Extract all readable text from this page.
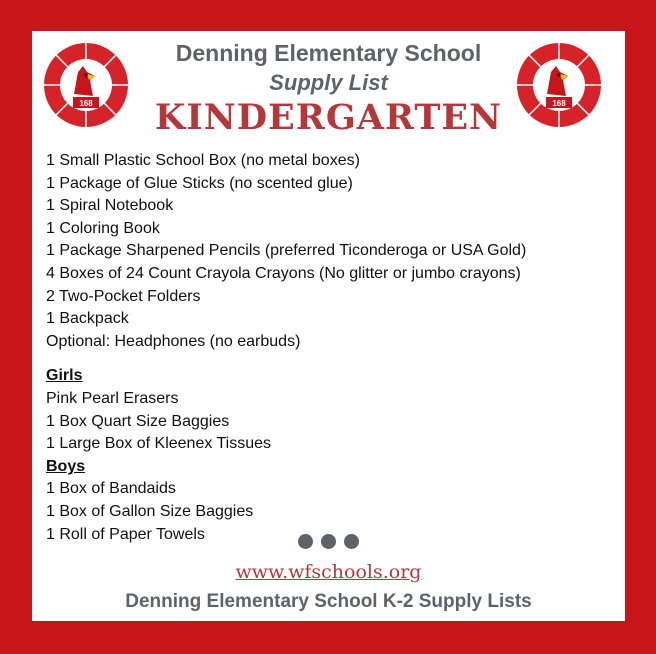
168	168
Denning Elementary School
Supply List
KINDERGARTEN
1 Small Plastic School Box (no metal boxes)
1 Package of Glue Sticks (no scented glue)
1 Spiral Notebook
1 Coloring Book
1 Package Sharpened Pencils (preferred Ticonderoga or USA Gold)
4 Boxes of 24 Count Crayola Crayons (No glitter or jumbo crayons)
2 Two-Pocket Folders
1 Backpack
Optional: Headphones (no earbuds)
Girls
Pink Pearl Erasers
1 Box Quart Size Baggies
1 Large Box of Kleenex Tissues
Boys
1 Box of Bandaids
1 Box of Gallon Size Baggies
1 Roll of Paper Towels
www.wfschools.org
Denning Elementary School K-2 Supply Lists
